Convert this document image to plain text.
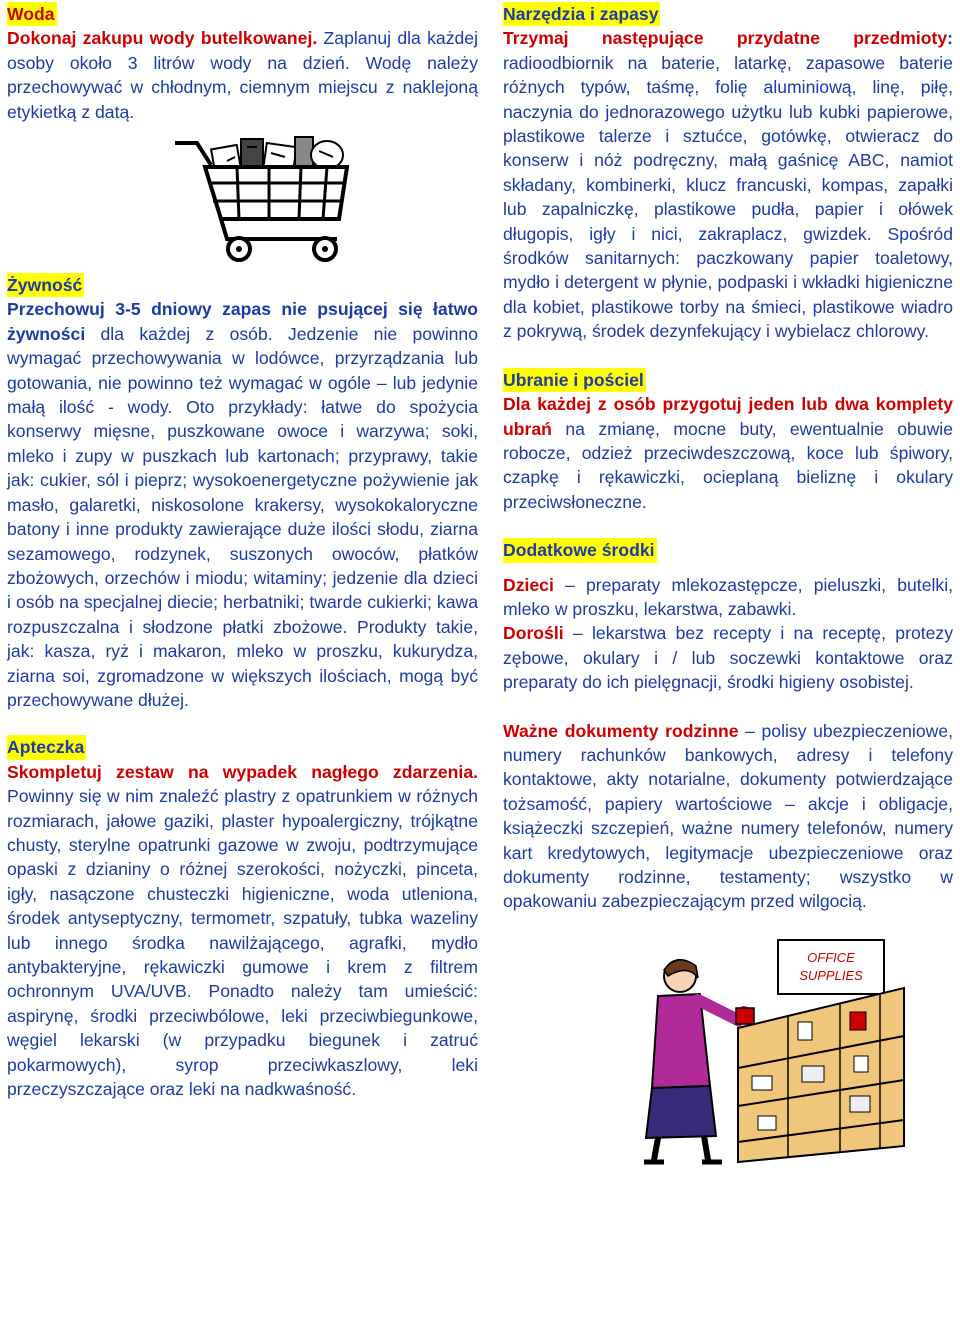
Woda
Dokonaj zakupu wody butelkowanej. Zaplanuj dla każdej osoby około 3 litrów wody na dzień. Wodę należy przechowywać w chłodnym, ciemnym miejscu z naklejoną etykietką z datą.
Żywność
Przechowuj 3-5 dniowy zapas nie psującej się łatwo żywności dla każdej z osób. Jedzenie nie powinno wymagać przechowywania w lodówce, przyrządzania lub gotowania, nie powinno też wymagać w ogóle – lub jedynie małą ilość - wody. Oto przykłady: łatwe do spożycia konserwy mięsne, puszkowane owoce i warzywa; soki, mleko i zupy w puszkach lub kartonach; przyprawy, takie jak: cukier, sól i pieprz; wysokoenergetyczne pożywienie jak masło, galaretki, niskosolone krakersy, wysokokaloryczne batony i inne produkty zawierające duże ilości słodu, ziarna sezamowego, rodzynek, suszonych owoców, płatków zbożowych, orzechów i miodu; witaminy; jedzenie dla dzieci i osób na specjalnej diecie; herbatniki; twarde cukierki; kawa rozpuszczalna i słodzone płatki zbożowe. Produkty takie, jak: kasza, ryż i makaron, mleko w proszku, kukurydza, ziarna soi, zgromadzone w większych ilościach, mogą być przechowywane dłużej.
Apteczka
Skompletuj zestaw na wypadek nagłego zdarzenia. Powinny się w nim znaleźć plastry z opatrunkiem w różnych rozmiarach, jałowe gaziki, plaster hypoalergiczny, trójkątne chusty, sterylne opatrunki gazowe w zwoju, podtrzymujące opaski z dzianiny o różnej szerokości, nożyczki, pinceta, igły, nasączone chusteczki higieniczne, woda utleniona, środek antyseptyczny, termometr, szpatuły, tubka wazeliny lub innego środka nawilżającego, agrafki, mydło antybakteryjne, rękawiczki gumowe i krem z filtrem ochronnym UVA/UVB. Ponadto należy tam umieścić: aspirynę, środki przeciwbólowe, leki przeciwbiegunkowe, węgiel lekarski (w przypadku biegunek i zatruć pokarmowych), syrop przeciwkaszlowy, leki przeczyszczające oraz leki na nadkwaśność.
Narzędzia i zapasy
Trzymaj następujące przydatne przedmioty: radioodbiornik na baterie, latarkę, zapasowe baterie różnych typów, taśmę, folię aluminiową, linę, piłę, naczynia do jednorazowego użytku lub kubki papierowe, plastikowe talerze i sztućce, gotówkę, otwieracz do konserw i nóż podręczny, małą gaśnicę ABC, namiot składany, kombinerki, klucz francuski, kompas, zapałki lub zapalniczkę, plastikowe pudła, papier i ołówek długopis, igły i nici, zakraplacz, gwizdek. Spośród środków sanitarnych: paczkowany papier toaletowy, mydło i detergent w płynie, podpaski i wkładki higieniczne dla kobiet, plastikowe torby na śmieci, plastikowe wiadro z pokrywą, środek dezynfekujący i wybielacz chlorowy.
Ubranie i pościel
Dla każdej z osób przygotuj jeden lub dwa komplety ubrań na zmianę, mocne buty, ewentualnie obuwie robocze, odzież przeciwdeszczową, koce lub śpiwory, czapkę i rękawiczki, ocieplaną bieliznę i okulary przeciwsłoneczne.
Dodatkowe środki
Dzieci – preparaty mlekozastępcze, pieluszki, butelki, mleko w proszku, lekarstwa, zabawki.
Dorośli – lekarstwa bez recepty i na receptę, protezy zębowe, okulary i / lub soczewki kontaktowe oraz preparaty do ich pielęgnacji, środki higieny osobistej.
Ważne dokumenty rodzinne – polisy ubezpieczeniowe, numery rachunków bankowych, adresy i telefony kontaktowe, akty notarialne, dokumenty potwierdzające tożsamość, papiery wartościowe – akcje i obligacje, książeczki szczepień, ważne numery telefonów, numery kart kredytowych, legitymacje ubezpieczeniowe oraz dokumenty rodzinne, testamenty; wszystko w opakowaniu zabezpieczającym przed wilgocią.
OFFICE
SUPPLIES
